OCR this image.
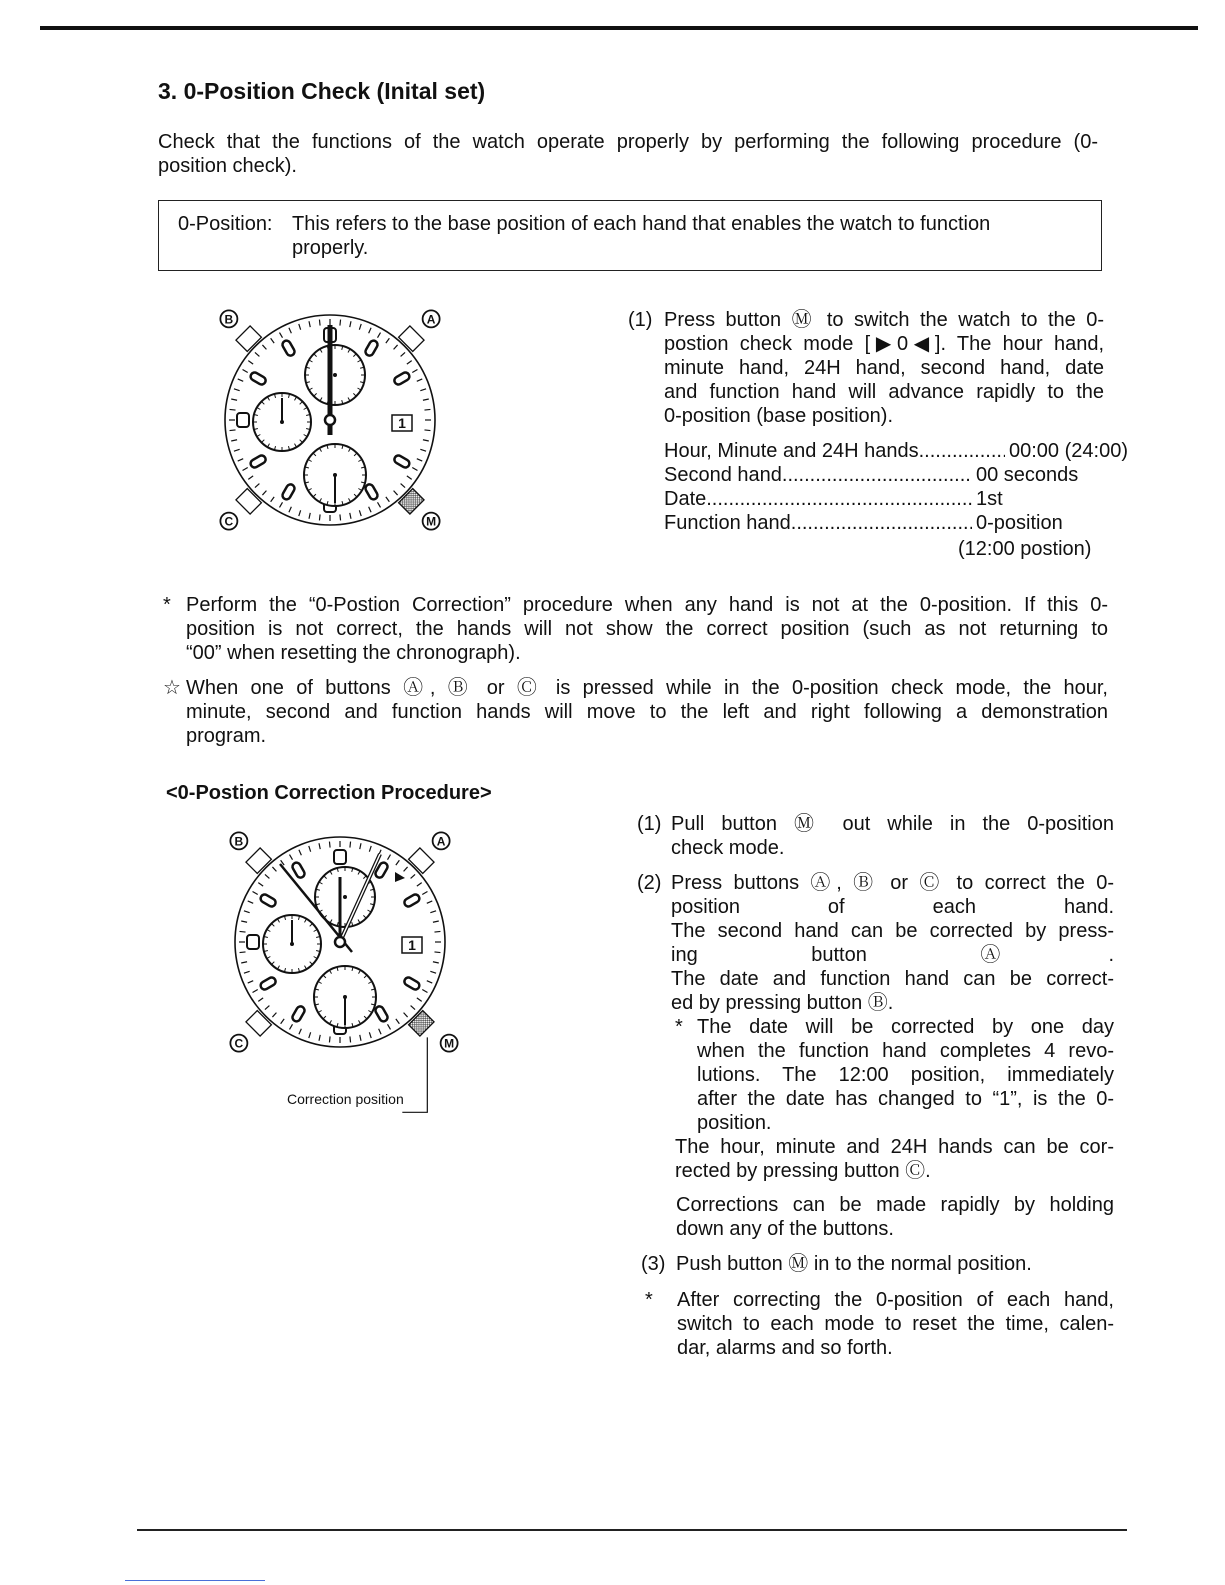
3. 0-Position Check (Inital set)
Check that the functions of the watch operate properly by performing the following procedure (0-
position check).
0-Position: This refers to the base position of each hand that enables the watch to function
properly.
A
B
C	M
1
(1) Press button Ⓜ to switch the watch to the 0-
postion check mode [▶0◀]. The hour hand,
minute hand, 24H hand, second hand, date
and function hand will advance rapidly to the
0-position (base position).
Hour, Minute and 24H hands .....	00:00 (24:00)
Second hand .....	00 seconds
Date .....	1st
Function hand .....	0-position
(12:00 postion)
* Perform the “0-Postion Correction” procedure when any hand is not at the 0-position. If this 0-
position is not correct, the hands will not show the correct position (such as not returning to
“00” when resetting the chronograph).
☆ When one of buttons Ⓐ, Ⓑ or Ⓒ is pressed while in the 0-position check mode, the hour,
minute, second and function hands will move to the left and right following a demonstration
program.
<0-Postion Correction Procedure>
A
B
C	M
1
Correction position
(1) Pull button Ⓜ out while in the 0-position
check mode.
(2) Press buttons Ⓐ, Ⓑ or Ⓒ to correct the 0-
position of each hand.
The second hand can be corrected by press-
ing button Ⓐ.
The date and function hand can be correct-
ed by pressing button Ⓑ.
* The date will be corrected by one day
when the function hand completes 4 revo-
lutions. The 12:00 position, immediately
after the date has changed to “1”, is the 0-
position.
The hour, minute and 24H hands can be cor-
rected by pressing button Ⓒ.
Corrections can be made rapidly by holding
down any of the buttons.
(3) Push button Ⓜ in to the normal position.
* After correcting the 0-position of each hand,
switch to each mode to reset the time, calen-
dar, alarms and so forth.
